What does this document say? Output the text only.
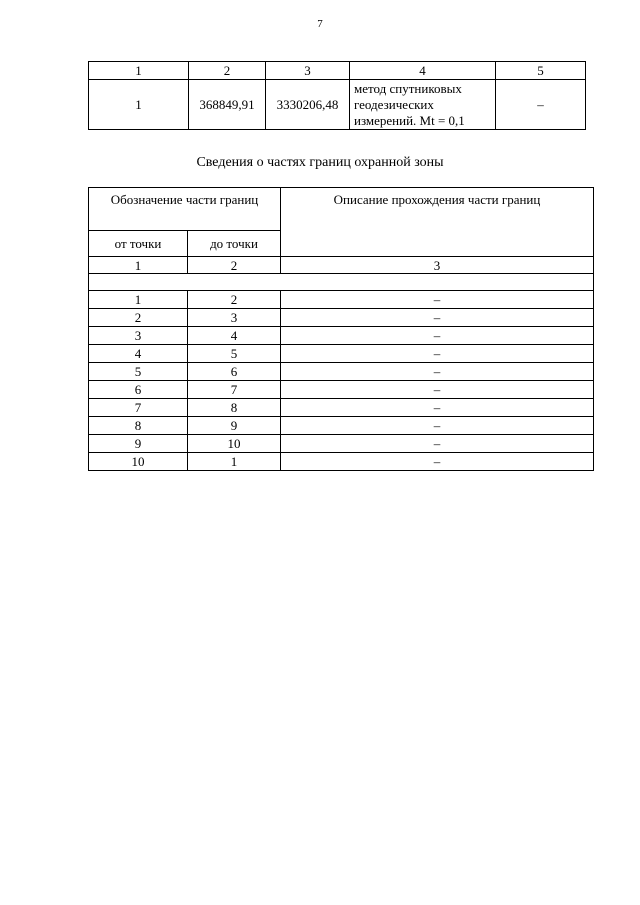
7
1	2	3	4	5
1	368849,91	3330206,48	метод спутниковых
геодезических
измерений. Mt = 0,1	–
Сведения о частях границ охранной зоны
Обозначение части границ		Описание прохождения части границ
от точки	до точки	
1	2	3

1	2	–
2	3	–
3	4	–
4	5	–
5	6	–
6	7	–
7	8	–
8	9	–
9	10	–
10	1	–
